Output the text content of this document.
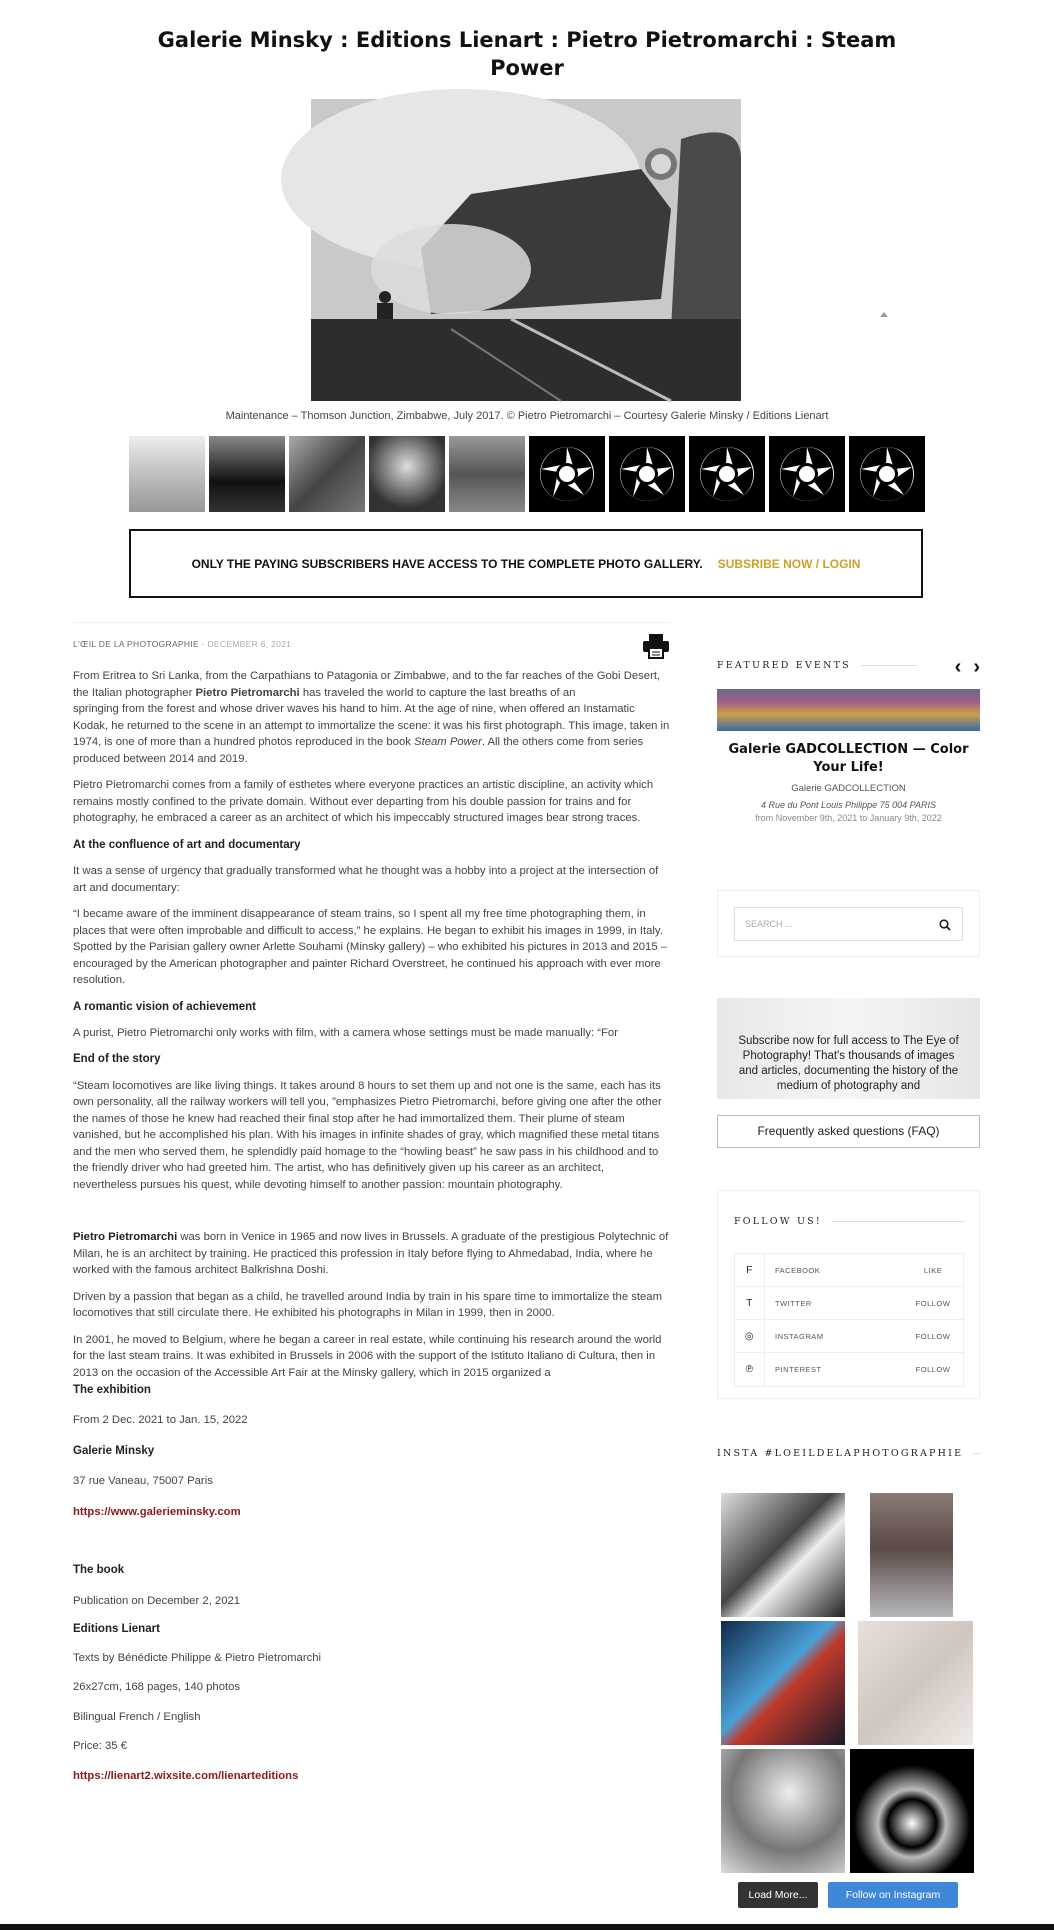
Galerie Minsky : Editions Lienart : Pietro Pietromarchi : Steam Power
Maintenance – Thomson Junction, Zimbabwe, July 2017. © Pietro Pietromarchi – Courtesy Galerie Minsky / Editions Lienart
ONLY THE PAYING SUBSCRIBERS HAVE ACCESS TO THE COMPLETE PHOTO GALLERY. SUBSRIBE NOW / LOGIN
L'ŒIL DE LA PHOTOGRAPHIE · DECEMBER 6, 2021

From Eritrea to Sri Lanka, from the Carpathians to Patagonia or Zimbabwe, and to the far reaches of the Gobi Desert, the Italian photographer Pietro Pietromarchi has traveled the world to capture the last breaths of an

springing from the forest and whose driver waves his hand to him. At the age of nine, when offered an Instamatic Kodak, he returned to the scene in an attempt to immortalize the scene: it was his first photograph. This image, taken in 1974, is one of more than a hundred photos reproduced in the book Steam Power. All the others come from series produced between 2014 and 2019.

Pietro Pietromarchi comes from a family of esthetes where everyone practices an artistic discipline, an activity which remains mostly confined to the private domain. Without ever departing from his double passion for trains and for photography, he embraced a career as an architect of which his impeccably structured images bear strong traces.

At the confluence of art and documentary

It was a sense of urgency that gradually transformed what he thought was a hobby into a project at the intersection of art and documentary:

“I became aware of the imminent disappearance of steam trains, so I spent all my free time photographing them, in places that were often improbable and difficult to access,” he explains. He began to exhibit his images in 1999, in Italy. Spotted by the Parisian gallery owner Arlette Souhami (Minsky gallery) – who exhibited his pictures in 2013 and 2015 – encouraged by the American photographer and painter Richard Overstreet, he continued his approach with ever more resolution.

A romantic vision of achievement

A purist, Pietro Pietromarchi only works with film, with a camera whose settings must be made manually: “For

End of the story

“Steam locomotives are like living things. It takes around 8 hours to set them up and not one is the same, each has its own personality, all the railway workers will tell you, ”emphasizes Pietro Pietromarchi, before giving one after the other the names of those he knew had reached their final stop after he had immortalized them. Their plume of steam vanished, but he accomplished his plan. With his images in infinite shades of gray, which magnified these metal titans and the men who served them, he splendidly paid homage to the “howling beast” he saw pass in his childhood and to the friendly driver who had greeted him. The artist, who has definitively given up his career as an architect, nevertheless pursues his quest, while devoting himself to another passion: mountain photography.

Pietro Pietromarchi was born in Venice in 1965 and now lives in Brussels. A graduate of the prestigious Polytechnic of Milan, he is an architect by training. He practiced this profession in Italy before flying to Ahmedabad, India, where he worked with the famous architect Balkrishna Doshi.

Driven by a passion that began as a child, he travelled around India by train in his spare time to immortalize the steam locomotives that still circulate there. He exhibited his photographs in Milan in 1999, then in 2000.

In 2001, he moved to Belgium, where he began a career in real estate, while continuing his research around the world for the last steam trains. It was exhibited in Brussels in 2006 with the support of the Istituto Italiano di Cultura, then in 2013 on the occasion of the Accessible Art Fair at the Minsky gallery, which in 2015 organized a

The exhibition

From 2 Dec. 2021 to Jan. 15, 2022

Galerie Minsky

37 rue Vaneau, 75007 Paris

https://www.galerieminsky.com

The book

Publication on December 2, 2021

Editions Lienart

Texts by Bénédicte Philippe & Pietro Pietromarchi

26x27cm, 168 pages, 140 photos

Bilingual French / English

Price: 35 €

https://lienart2.wixsite.com/lienarteditions

FEATURED EVENTS	‹ ›
Galerie GADCOLLECTION — Color Your Life!
Galerie GADCOLLECTION
4 Rue du Pont Louis Philippe 75 004 PARIS
from November 9th, 2021 to January 9th, 2022
SEARCH ...
Subscribe now for full access to The Eye of Photography! That's thousands of images and articles, documenting the history of the medium of photography and
Frequently asked questions (FAQ)
FOLLOW US!
F	FACEBOOK	LIKE
T	TWITTER	FOLLOW
◎	INSTAGRAM	FOLLOW
℗	PINTEREST	FOLLOW
INSTA #LOEILDELAPHOTOGRAPHIE
Load More...	Follow on Instagram
